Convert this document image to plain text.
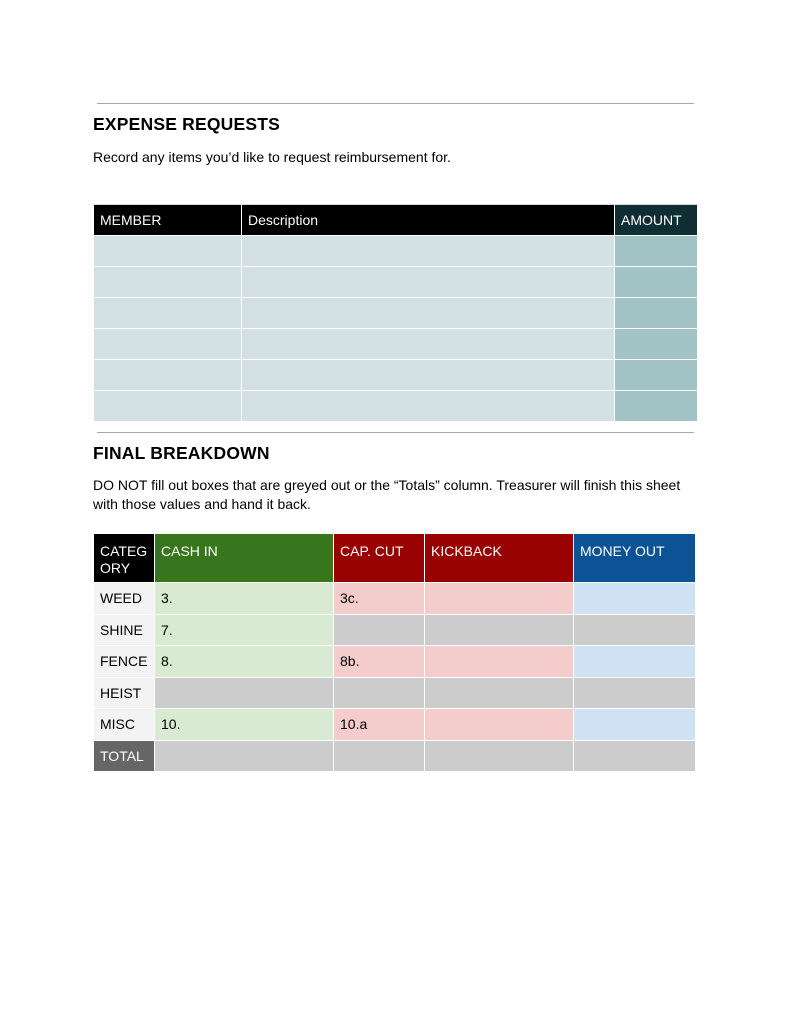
EXPENSE REQUESTS

Record any items you’d like to request reimbursement for.

MEMBER	Description	AMOUNT

FINAL BREAKDOWN

DO NOT fill out boxes that are greyed out or the “Totals” column. Treasurer will finish this sheet with those values and hand it back.

CATEG ORY	CASH IN	CAP. CUT	KICKBACK	MONEY OUT
WEED	3.	3c.		
SHINE	7.			
FENCE	8.	8b.		
HEIST				
MISC	10.	10.a		
TOTAL				
